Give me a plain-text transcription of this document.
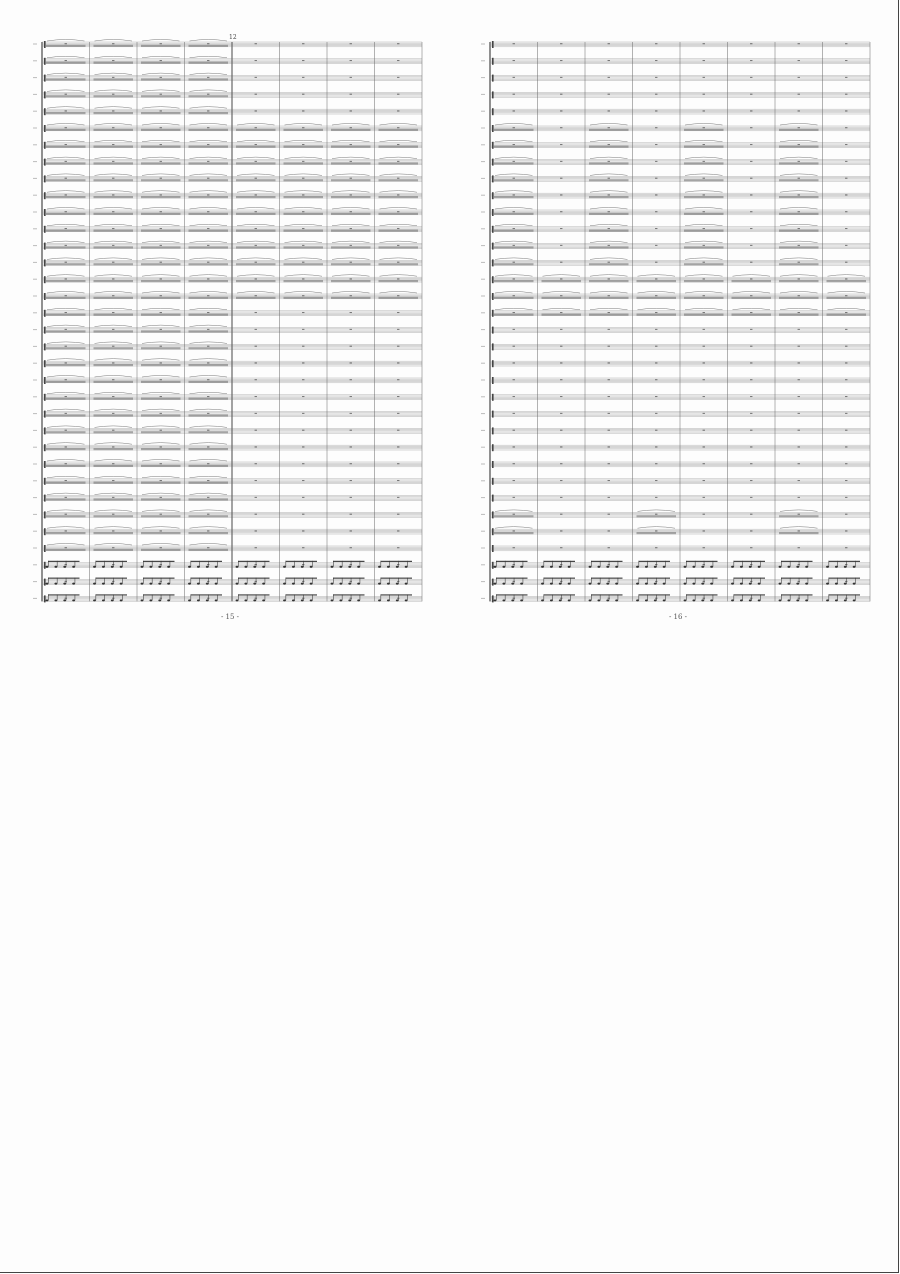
12
- 15 -	- 16 -
